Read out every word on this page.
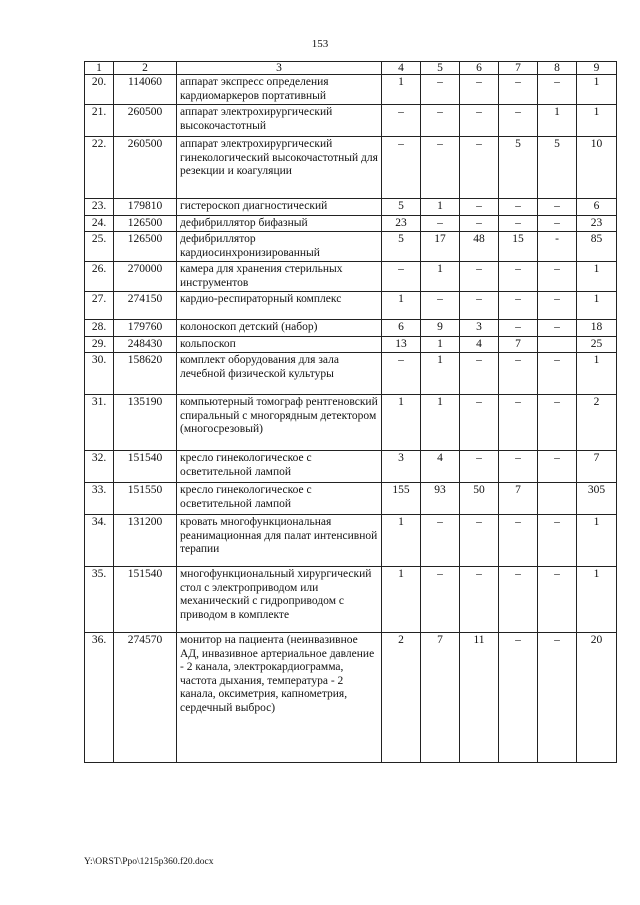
153
1	2	3	4	5	6	7	8	9
20.	114060	аппарат экспресс определения кардиомаркеров портативный	1	–	–	–	–	1
21.	260500	аппарат электрохирургический высокочастотный	–	–	–	–	1	1
22.	260500	аппарат электрохирургический гинекологический высокочастотный для резекции и коагуляции	–	–	–	5	5	10
23.	179810	гистероскоп диагностический	5	1	–	–	–	6
24.	126500	дефибриллятор бифазный	23	–	–	–	–	23
25.	126500	дефибриллятор кардиосинхронизированный	5	17	48	15	-	85
26.	270000	камера для хранения стерильных инструментов	–	1	–	–	–	1
27.	274150	кардио-респираторный комплекс	1	–	–	–	–	1
28.	179760	колоноскоп детский (набор)	6	9	3	–	–	18
29.	248430	кольпоскоп	13	1	4	7		25
30.	158620	комплект оборудования для зала лечебной физической культуры	–	1	–	–	–	1
31.	135190	компьютерный томограф рентгеновский спиральный с многорядным детектором (многосрезовый)	1	1	–	–	–	2
32.	151540	кресло гинекологическое с осветительной лампой	3	4	–	–	–	7
33.	151550	кресло гинекологическое с осветительной лампой	155	93	50	7		305
34.	131200	кровать многофункциональная реанимационная для палат интенсивной терапии	1	–	–	–	–	1
35.	151540	многофункциональный хирургический стол с электроприводом или механический с гидроприводом с приводом в комплекте	1	–	–	–	–	1
36.	274570	монитор на пациента (неинвазивное АД, инвазивное артериальное давление - 2 канала, электрокардиограмма, частота дыхания, температура - 2 канала, оксиметрия, капнометрия, сердечный выброс)	2	7	11	–	–	20
Y:\ORST\Ppo\1215p360.f20.docx
